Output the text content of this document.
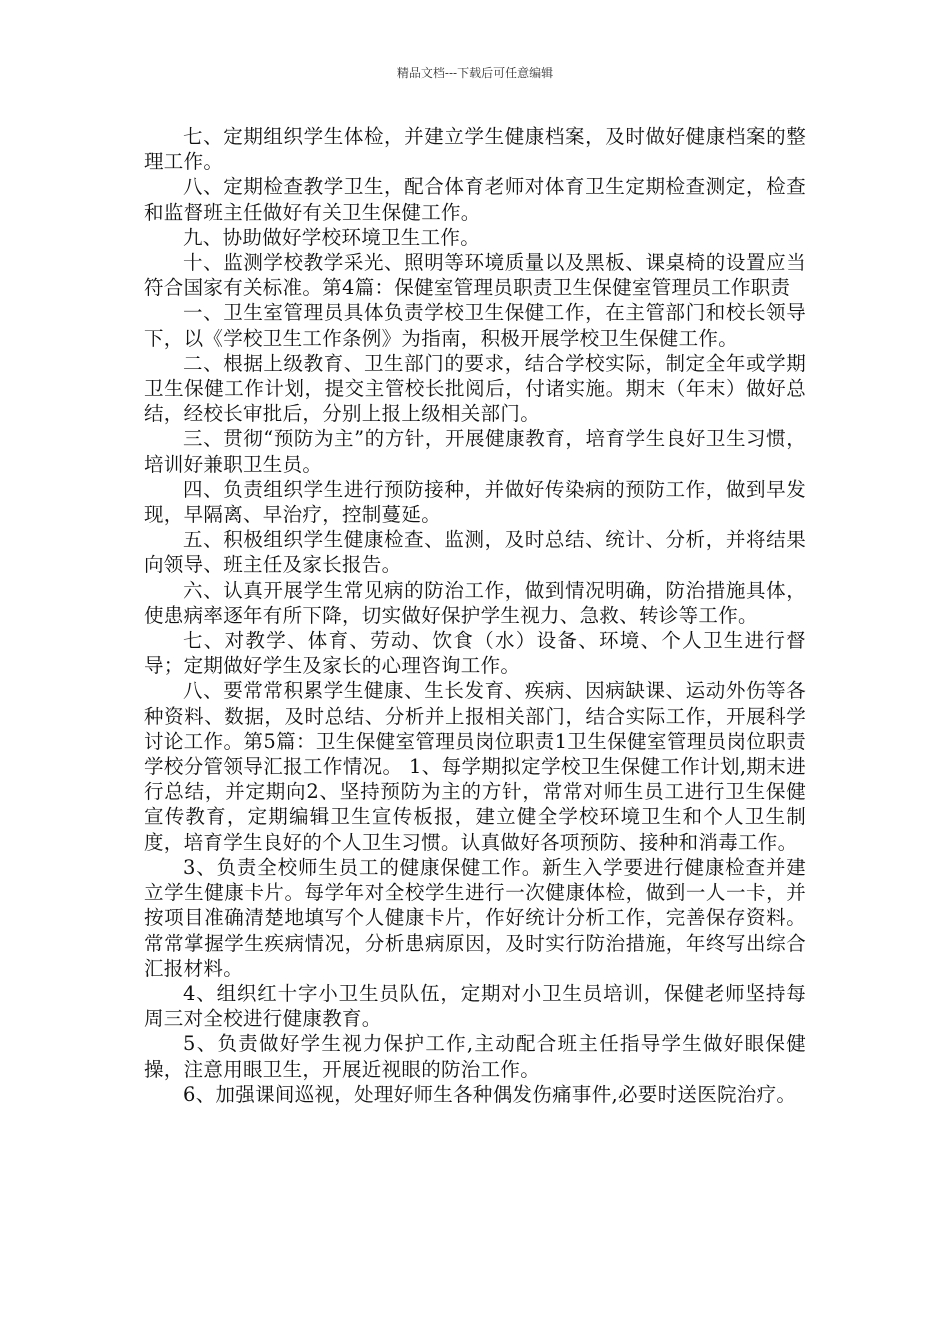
精品文档---下载后可任意编辑

七、定期组织学生体检，并建立学生健康档案，及时做好健康档案的整理工作。

八、定期检查教学卫生，配合体育老师对体育卫生定期检查测定，检查和监督班主任做好有关卫生保健工作。

九、协助做好学校环境卫生工作。

十、监测学校教学采光、照明等环境质量以及黑板、课桌椅的设置应当符合国家有关标准。第4篇：保健室管理员职责卫生保健室管理员工作职责

一、卫生室管理员具体负责学校卫生保健工作，在主管部门和校长领导下，以《学校卫生工作条例》为指南，积极开展学校卫生保健工作。

二、根据上级教育、卫生部门的要求，结合学校实际，制定全年或学期卫生保健工作计划，提交主管校长批阅后，付诸实施。期末（年末）做好总结，经校长审批后，分别上报上级相关部门。

三、贯彻“预防为主”的方针，开展健康教育，培育学生良好卫生习惯，培训好兼职卫生员。

四、负责组织学生进行预防接种，并做好传染病的预防工作，做到早发现，早隔离、早治疗，控制蔓延。

五、积极组织学生健康检查、监测，及时总结、统计、分析，并将结果向领导、班主任及家长报告。

六、认真开展学生常见病的防治工作，做到情况明确，防治措施具体，使患病率逐年有所下降，切实做好保护学生视力、急救、转诊等工作。

七、对教学、体育、劳动、饮食（水）设备、环境、个人卫生进行督导；定期做好学生及家长的心理咨询工作。

八、要常常积累学生健康、生长发育、疾病、因病缺课、运动外伤等各种资料、数据，及时总结、分析并上报相关部门，结合实际工作，开展科学讨论工作。第5篇：卫生保健室管理员岗位职责1卫生保健室管理员岗位职责学校分管领导汇报工作情况。 1、每学期拟定学校卫生保健工作计划,期末进行总结，并定期向2、坚持预防为主的方针，常常对师生员工进行卫生保健宣传教育，定期编辑卫生宣传板报，建立健全学校环境卫生和个人卫生制度，培育学生良好的个人卫生习惯。认真做好各项预防、接种和消毒工作。

3、负责全校师生员工的健康保健工作。新生入学要进行健康检查并建立学生健康卡片。每学年对全校学生进行一次健康体检，做到一人一卡，并按项目准确清楚地填写个人健康卡片，作好统计分析工作，完善保存资料。常常掌握学生疾病情况，分析患病原因，及时实行防治措施，年终写出综合汇报材料。

4、组织红十字小卫生员队伍，定期对小卫生员培训，保健老师坚持每周三对全校进行健康教育。

5、负责做好学生视力保护工作,主动配合班主任指导学生做好眼保健操，注意用眼卫生，开展近视眼的防治工作。

6、加强课间巡视，处理好师生各种偶发伤痛事件,必要时送医院治疗。
